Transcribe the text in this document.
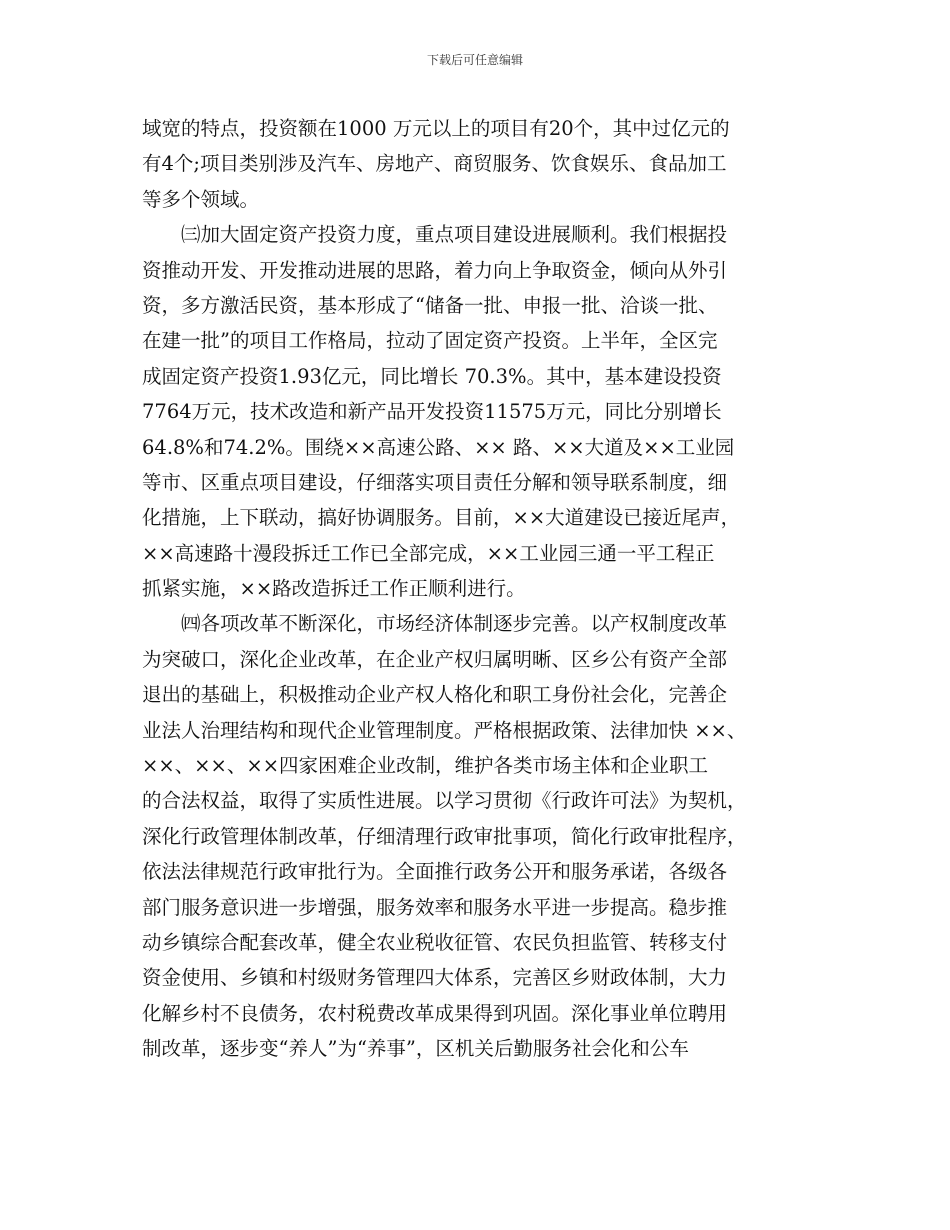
下载后可任意编辑
域宽的特点，投资额在1000 万元以上的项目有20个，其中过亿元的
有4个;项目类别涉及汽车、房地产、商贸服务、饮食娱乐、食品加工
等多个领域。
㈢加大固定资产投资力度，重点项目建设进展顺利。我们根据投
资推动开发、开发推动进展的思路，着力向上争取资金，倾向从外引
资，多方激活民资，基本形成了“储备一批、申报一批、洽谈一批、
在建一批”的项目工作格局，拉动了固定资产投资。上半年，全区完
成固定资产投资1.93亿元，同比增长 70.3%。其中，基本建设投资
7764万元，技术改造和新产品开发投资11575万元，同比分别增长
64.8%和74.2%。围绕××高速公路、×× 路、××大道及××工业园
等市、区重点项目建设，仔细落实项目责任分解和领导联系制度，细
化措施，上下联动，搞好协调服务。目前，××大道建设已接近尾声，
××高速路十漫段拆迁工作已全部完成，××工业园三通一平工程正
抓紧实施，××路改造拆迁工作正顺利进行。
㈣各项改革不断深化，市场经济体制逐步完善。以产权制度改革
为突破口，深化企业改革，在企业产权归属明晰、区乡公有资产全部
退出的基础上，积极推动企业产权人格化和职工身份社会化，完善企
业法人治理结构和现代企业管理制度。严格根据政策、法律加快 ××、
××、××、××四家困难企业改制，维护各类市场主体和企业职工
的合法权益，取得了实质性进展。以学习贯彻《行政许可法》为契机，
深化行政管理体制改革，仔细清理行政审批事项，简化行政审批程序，
依法法律规范行政审批行为。全面推行政务公开和服务承诺，各级各
部门服务意识进一步增强，服务效率和服务水平进一步提高。稳步推
动乡镇综合配套改革，健全农业税收征管、农民负担监管、转移支付
资金使用、乡镇和村级财务管理四大体系，完善区乡财政体制，大力
化解乡村不良债务，农村税费改革成果得到巩固。深化事业单位聘用
制改革，逐步变“养人”为“养事”，区机关后勤服务社会化和公车
